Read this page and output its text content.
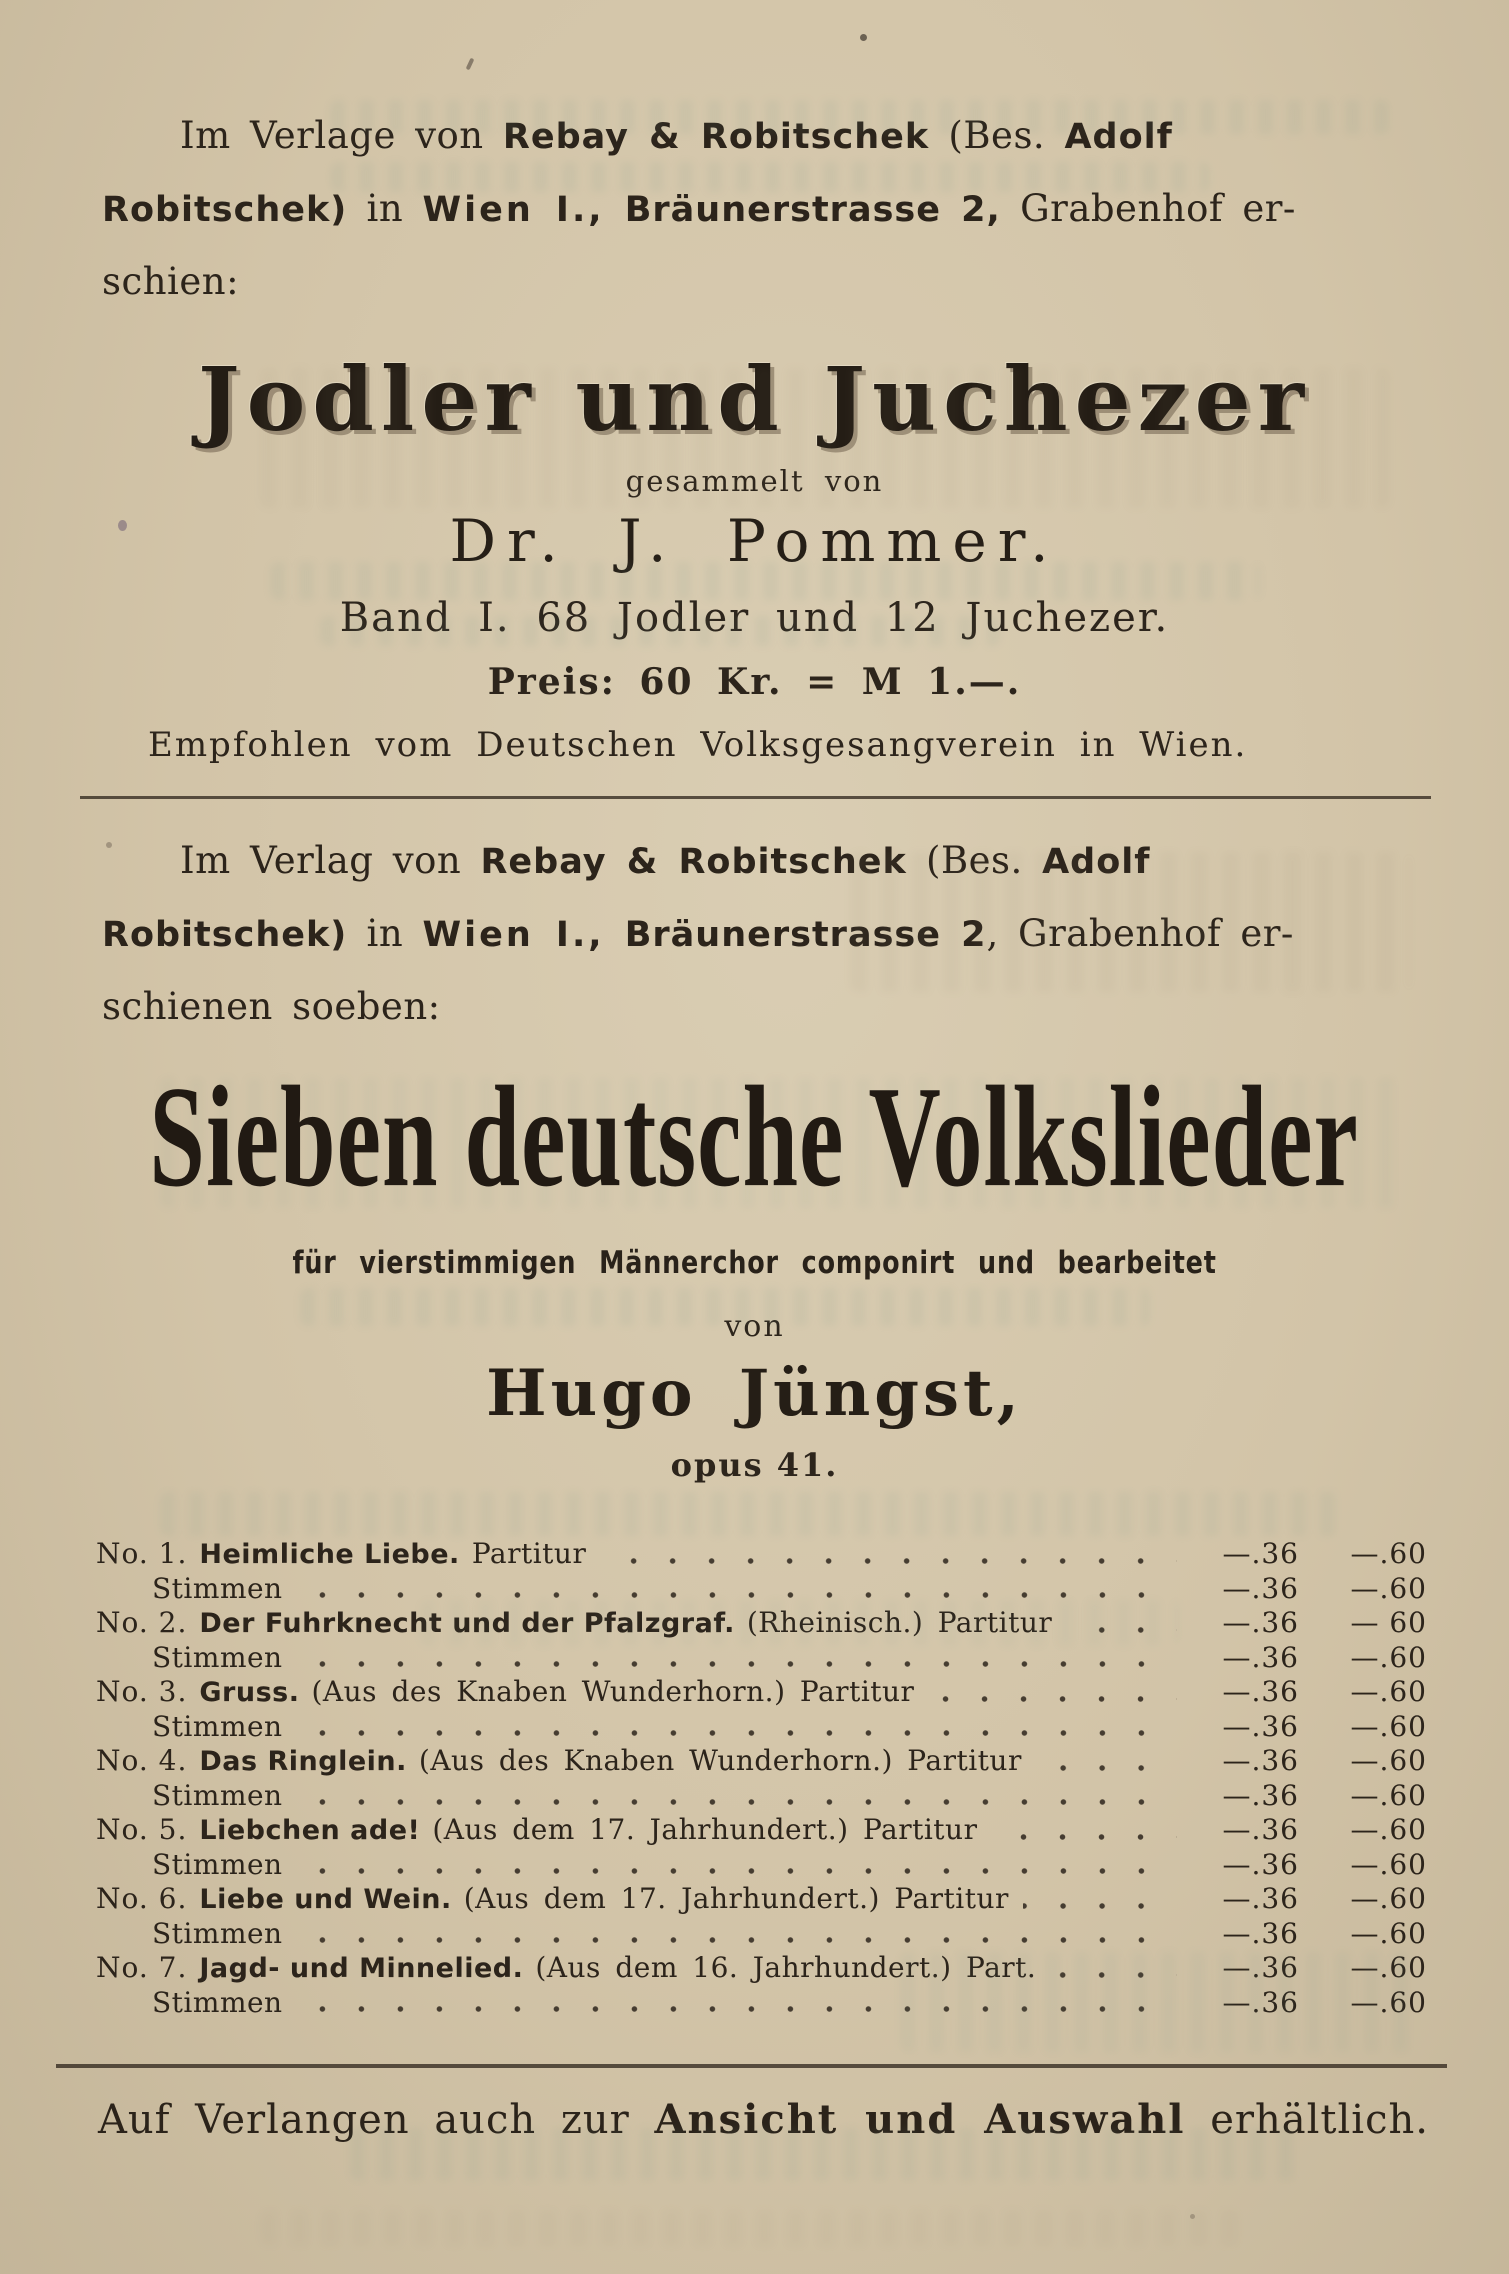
Im Verlage von Rebay & Robitschek (Bes. Adolf
Robitschek) in Wien I., Bräunerstrasse 2, Grabenhof er-
schien:
Jodler und Juchezer
gesammelt von
Dr. J. Pommer.
Band I. 68 Jodler und 12 Juchezer.
Preis: 60 Kr. = M 1.—.
Empfohlen vom Deutschen Volksgesangverein in Wien.
Im Verlag von Rebay & Robitschek (Bes. Adolf
Robitschek) in Wien I., Bräunerstrasse 2, Grabenhof er-
schienen soeben:
Sieben deutsche Volkslieder
für vierstimmigen Männerchor componirt und bearbeitet
von
Hugo Jüngst,
opus 41.
No. 1. Heimliche Liebe. Partitur	—.36	—.60
Stimmen	—.36	—.60
No. 2. Der Fuhrknecht und der Pfalzgraf. (Rheinisch.) Partitur	—.36	— 60
Stimmen	—.36	—.60
No. 3. Gruss. (Aus des Knaben Wunderhorn.) Partitur	—.36	—.60
Stimmen	—.36	—.60
No. 4. Das Ringlein. (Aus des Knaben Wunderhorn.) Partitur	—.36	—.60
Stimmen	—.36	—.60
No. 5. Liebchen ade! (Aus dem 17. Jahrhundert.) Partitur	—.36	—.60
Stimmen	—.36	—.60
No. 6. Liebe und Wein. (Aus dem 17. Jahrhundert.) Partitur	—.36	—.60
Stimmen	—.36	—.60
No. 7. Jagd- und Minnelied. (Aus dem 16. Jahrhundert.) Part.	—.36	—.60
Stimmen	—.36	—.60
Auf Verlangen auch zur Ansicht und Auswahl erhältlich.
